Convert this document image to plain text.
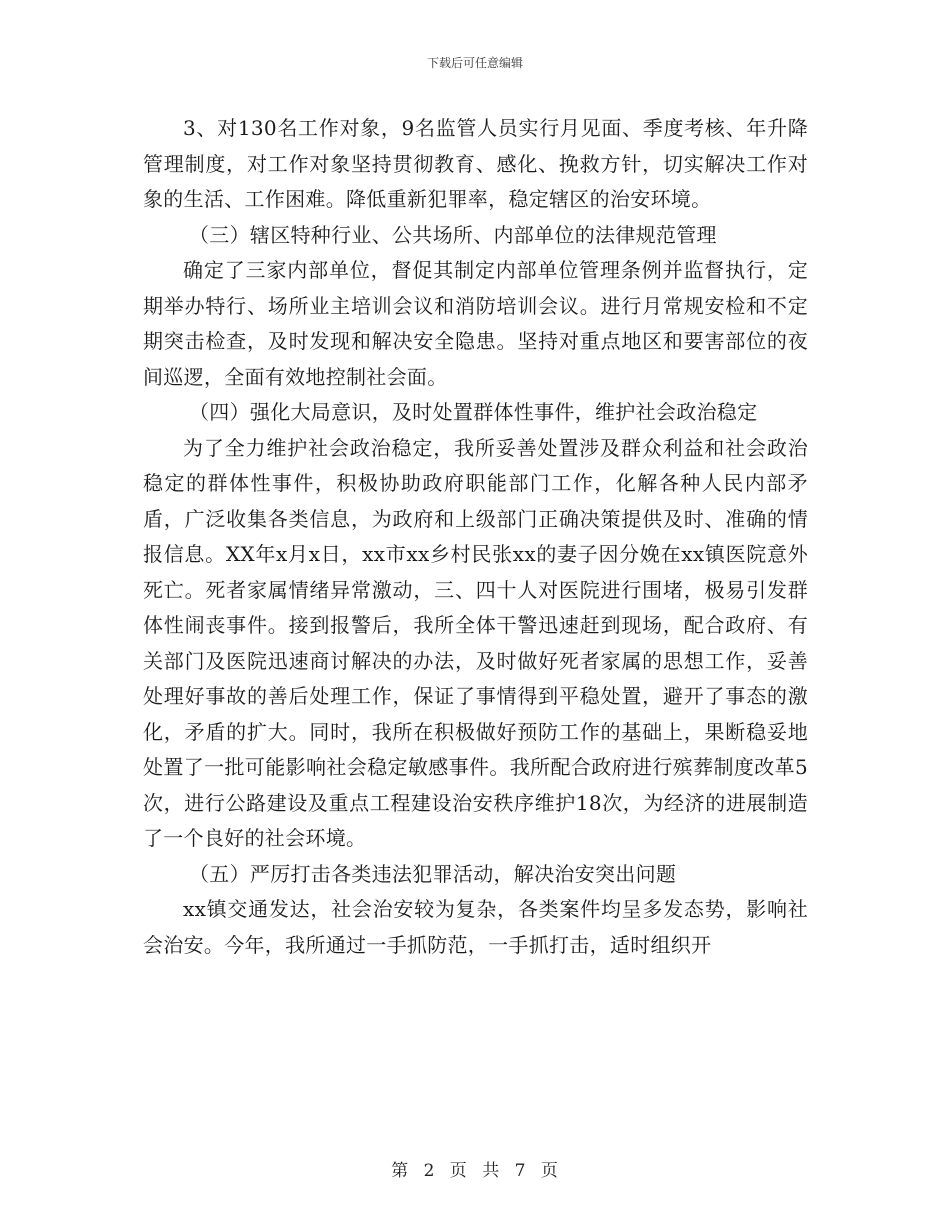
下载后可任意编辑

3、对130名工作对象，9名监管人员实行月见面、季度考核、年升降管理制度，对工作对象坚持贯彻教育、感化、挽救方针，切实解决工作对象的生活、工作困难。降低重新犯罪率，稳定辖区的治安环境。

（三）辖区特种行业、公共场所、内部单位的法律规范管理

确定了三家内部单位，督促其制定内部单位管理条例并监督执行，定期举办特行、场所业主培训会议和消防培训会议。进行月常规安检和不定期突击检查，及时发现和解决安全隐患。坚持对重点地区和要害部位的夜间巡逻，全面有效地控制社会面。

（四）强化大局意识，及时处置群体性事件，维护社会政治稳定

为了全力维护社会政治稳定，我所妥善处置涉及群众利益和社会政治稳定的群体性事件，积极协助政府职能部门工作，化解各种人民内部矛盾，广泛收集各类信息，为政府和上级部门正确决策提供及时、准确的情报信息。XX年x月x日，xx市xx乡村民张xx的妻子因分娩在xx镇医院意外死亡。死者家属情绪异常激动，三、四十人对医院进行围堵，极易引发群体性闹丧事件。接到报警后，我所全体干警迅速赶到现场，配合政府、有关部门及医院迅速商讨解决的办法，及时做好死者家属的思想工作，妥善处理好事故的善后处理工作，保证了事情得到平稳处置，避开了事态的激化，矛盾的扩大。同时，我所在积极做好预防工作的基础上，果断稳妥地处置了一批可能影响社会稳定敏感事件。我所配合政府进行殡葬制度改革5次，进行公路建设及重点工程建设治安秩序维护18次，为经济的进展制造了一个良好的社会环境。

（五）严厉打击各类违法犯罪活动，解决治安突出问题

xx镇交通发达，社会治安较为复杂，各类案件均呈多发态势，影响社会治安。今年，我所通过一手抓防范，一手抓打击，适时组织开

第 2 页 共 7 页
